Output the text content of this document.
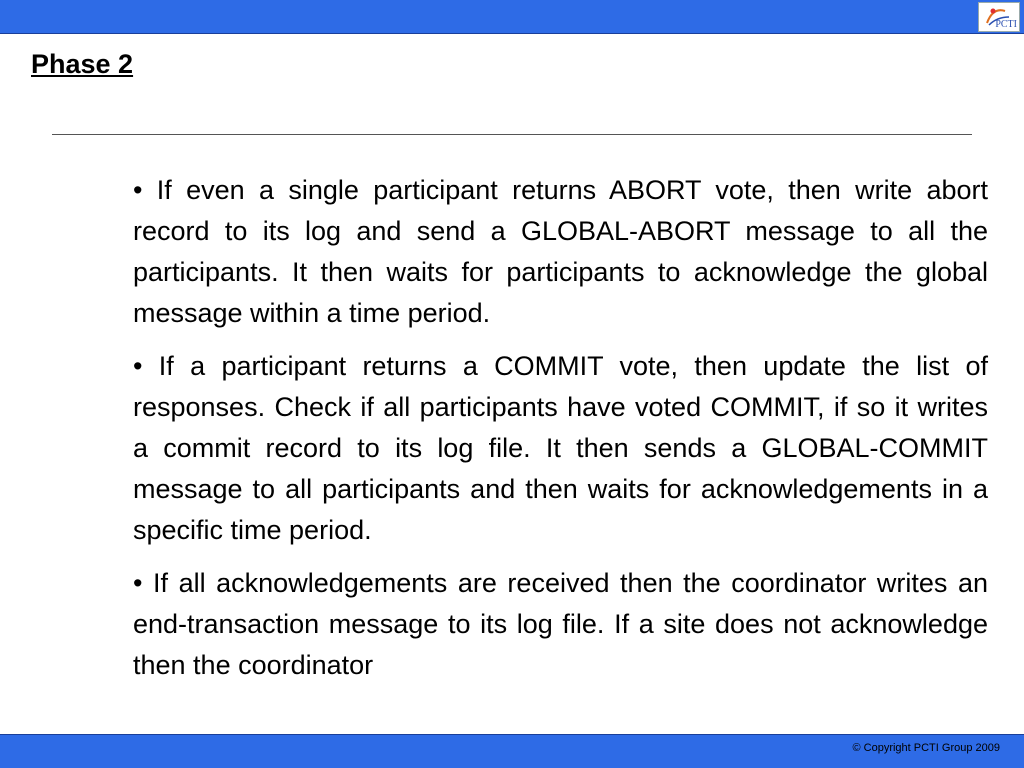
PCTI
Phase 2

• If even a single participant returns ABORT vote, then write abort record to its log and send a GLOBAL-ABORT message to all the participants. It then waits for participants to acknowledge the global message within a time period.

• If a participant returns a COMMIT vote, then update the list of responses. Check if all participants have voted COMMIT, if so it writes a commit record to its log file. It then sends a GLOBAL-COMMIT message to all participants and then waits for acknowledgements in a specific time period.

• If all acknowledgements are received then the coordinator writes an end-transaction message to its log file. If a site does not acknowledge then the coordinator

© Copyright PCTI Group 2009
